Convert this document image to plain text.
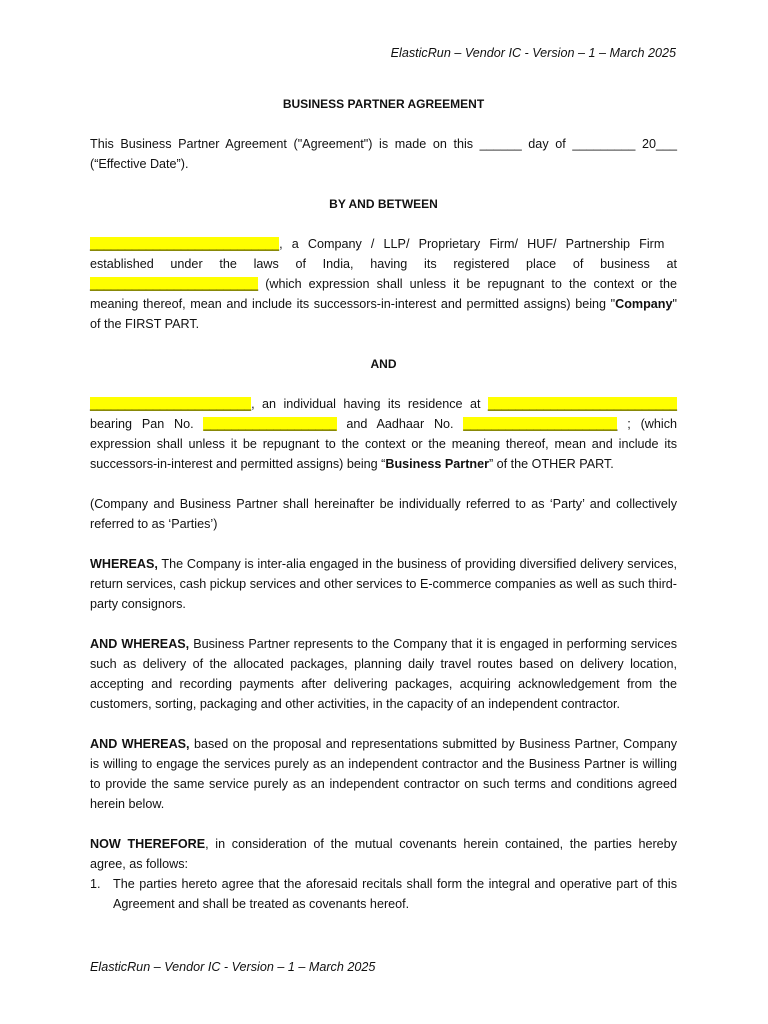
ElasticRun – Vendor IC - Version – 1 – March 2025
BUSINESS PARTNER AGREEMENT

This Business Partner Agreement ("Agreement") is made on this ______ day of _________ 20___ (“Effective Date”).

BY AND BETWEEN

___________________________, a Company / LLP/ Proprietary Firm/ HUF/ Partnership Firm   established under the laws of India, having its registered place of business at ________________________ (which expression shall unless it be repugnant to the context or the meaning thereof, mean and include its successors-in-interest and permitted assigns) being "Company" of the FIRST PART.

AND

_______________________, an individual having its residence at ___________________________ bearing Pan No. ___________________ and Aadhaar No. ______________________ ; (which expression shall unless it be repugnant to the context or the meaning thereof, mean and include its successors-in-interest and permitted assigns) being “Business Partner” of the OTHER PART.

(Company and Business Partner shall hereinafter be individually referred to as ‘Party’ and collectively referred to as ‘Parties’)

WHEREAS, The Company is inter-alia engaged in the business of providing diversified delivery services, return services, cash pickup services and other services to E-commerce companies as well as such third-party consignors.

AND WHEREAS, Business Partner represents to the Company that it is engaged in performing services such as delivery of the allocated packages, planning daily travel routes based on delivery location, accepting and recording payments after delivering packages, acquiring acknowledgement from the customers, sorting, packaging and other activities, in the capacity of an independent contractor.

AND WHEREAS, based on the proposal and representations submitted by Business Partner, Company is willing to engage the services purely as an independent contractor and the Business Partner is willing to provide the same service purely as an independent contractor on such terms and conditions agreed herein below.

NOW THEREFORE, in consideration of the mutual covenants herein contained, the parties hereby agree, as follows:

1. The parties hereto agree that the aforesaid recitals shall form the integral and operative part of this Agreement and shall be treated as covenants hereof.
ElasticRun – Vendor IC - Version – 1 – March 2025
